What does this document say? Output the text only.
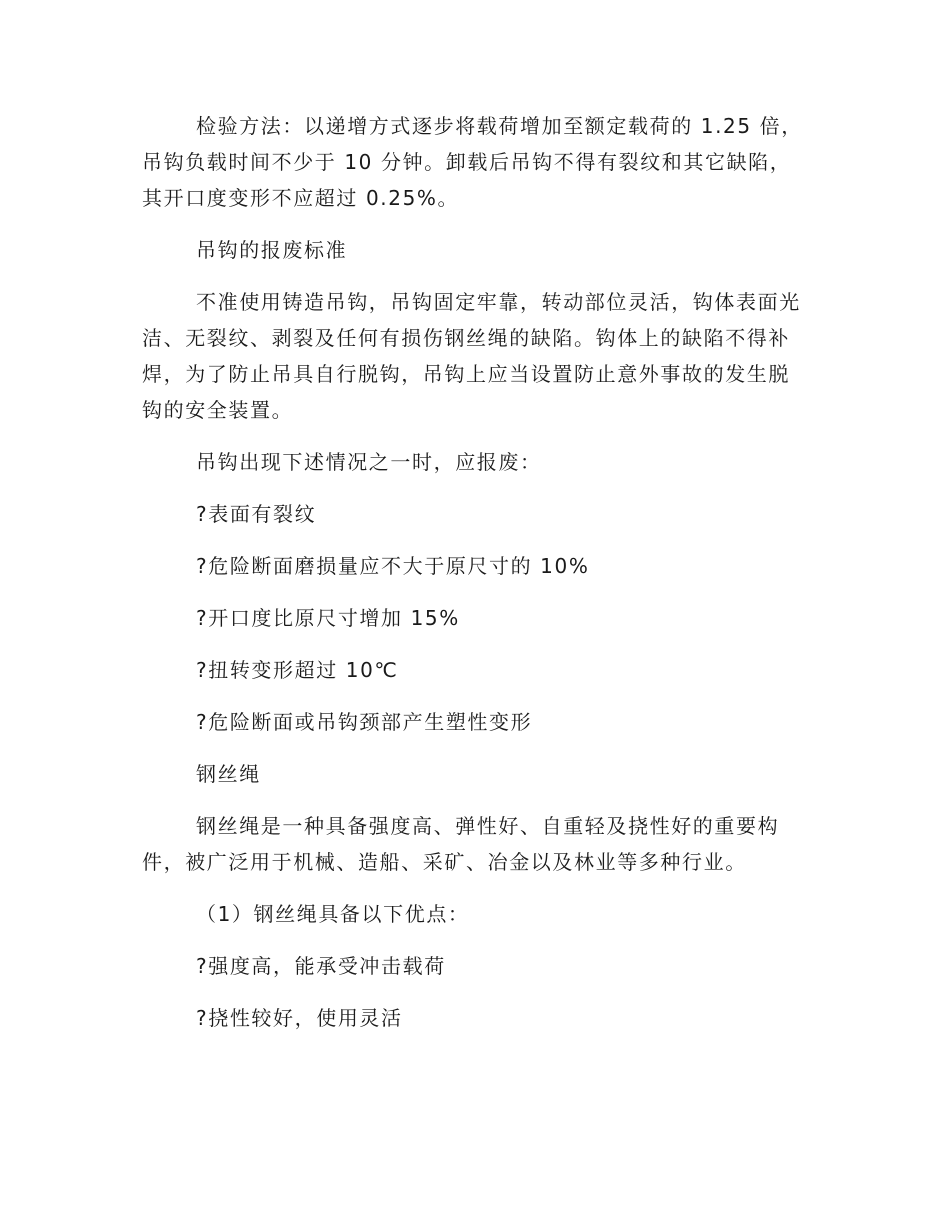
检验方法：以递增方式逐步将载荷增加至额定载荷的 1.25 倍，吊钩负载时间不少于 10 分钟。卸载后吊钩不得有裂纹和其它缺陷，其开口度变形不应超过 0.25%。

吊钩的报废标准

不准使用铸造吊钩，吊钩固定牢靠，转动部位灵活，钩体表面光洁、无裂纹、剥裂及任何有损伤钢丝绳的缺陷。钩体上的缺陷不得补焊，为了防止吊具自行脱钩，吊钩上应当设置防止意外事故的发生脱钩的安全装置。

吊钩出现下述情况之一时，应报废：

?表面有裂纹

?危险断面磨损量应不大于原尺寸的 10%

?开口度比原尺寸增加 15%

?扭转变形超过 10℃

?危险断面或吊钩颈部产生塑性变形

钢丝绳

钢丝绳是一种具备强度高、弹性好、自重轻及挠性好的重要构件，被广泛用于机械、造船、采矿、冶金以及林业等多种行业。

（1）钢丝绳具备以下优点：

?强度高，能承受冲击载荷

?挠性较好，使用灵活
